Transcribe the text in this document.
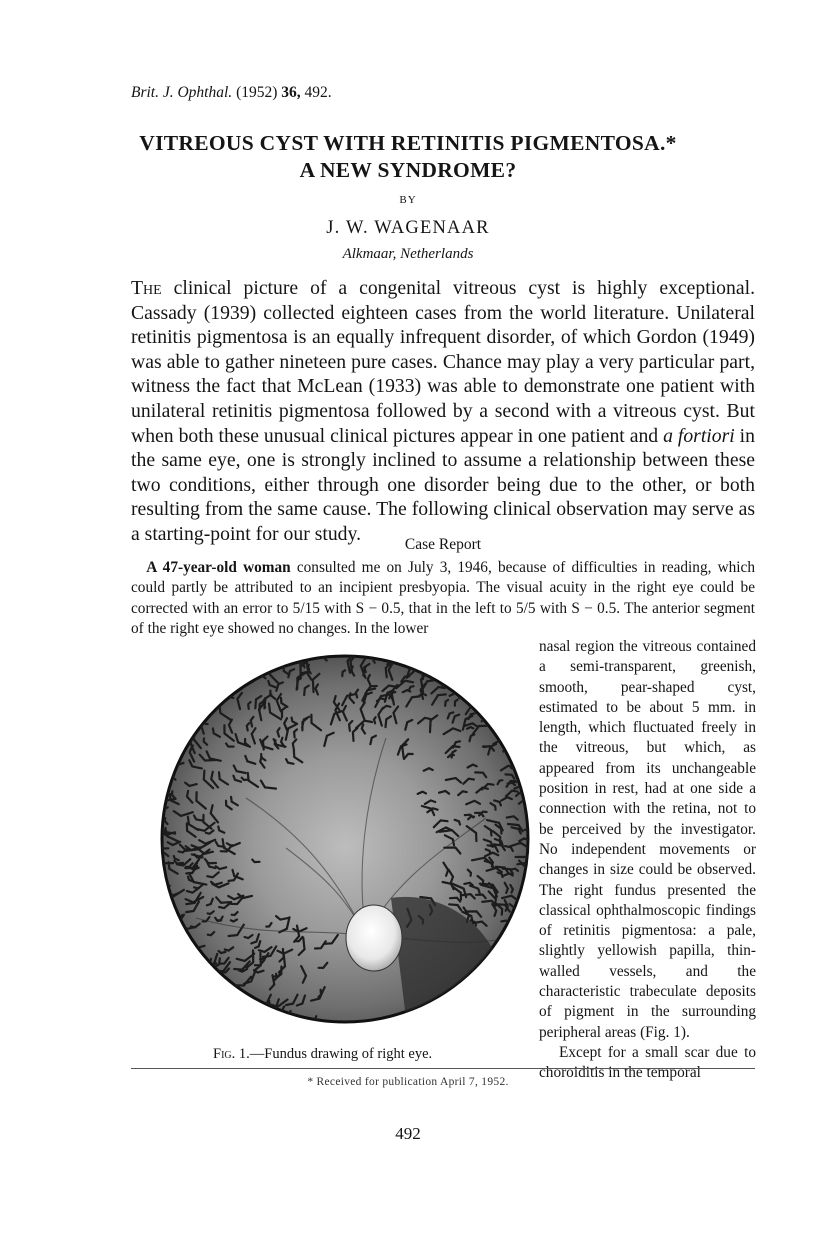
Brit. J. Ophthal. (1952) 36, 492.
VITREOUS CYST WITH RETINITIS PIGMENTOSA.*
A NEW SYNDROME?
BY
J. W. WAGENAAR
Alkmaar, Netherlands
The clinical picture of a congenital vitreous cyst is highly exceptional. Cassady (1939) collected eighteen cases from the world literature. Unilateral retinitis pigmentosa is an equally infrequent disorder, of which Gordon (1949) was able to gather nineteen pure cases. Chance may play a very particular part, witness the fact that McLean (1933) was able to demonstrate one patient with unilateral retinitis pigmentosa followed by a second with a vitreous cyst. But when both these unusual clinical pictures appear in one patient and a fortiori in the same eye, one is strongly inclined to assume a relationship between these two conditions, either through one disorder being due to the other, or both resulting from the same cause. The following clinical observation may serve as a starting-point for our study.	Case Report
 A 47-year-old woman consulted me on July 3, 1946, because of difficulties in reading, which could partly be attributed to an incipient presbyopia. The visual acuity in the right eye could be corrected with an error to 5/15 with S − 0.5, that in the left to 5/5 with S − 0.5. The anterior segment of the right eye showed no changes. In the lower
nasal region the vitreous contained a semi-transparent, greenish, smooth, pear-shaped cyst, estimated to be about 5 mm. in length, which fluctuated freely in the vitreous, but which, as appeared from its unchangeable position in rest, had at one side a connection with the retina, not to be perceived by the investigator. No independent movements or changes in size could be observed. The right fundus presented the classical ophthalmoscopic findings of retinitis pigmentosa: a pale, slightly yellowish papilla, thin-walled vessels, and the characteristic trabeculate deposits of pigment in the surrounding peripheral areas (Fig. 1).
Except for a small scar due to choroiditis in the temporal
Fig. 1.—Fundus drawing of right eye.
* Received for publication April 7, 1952.
492
